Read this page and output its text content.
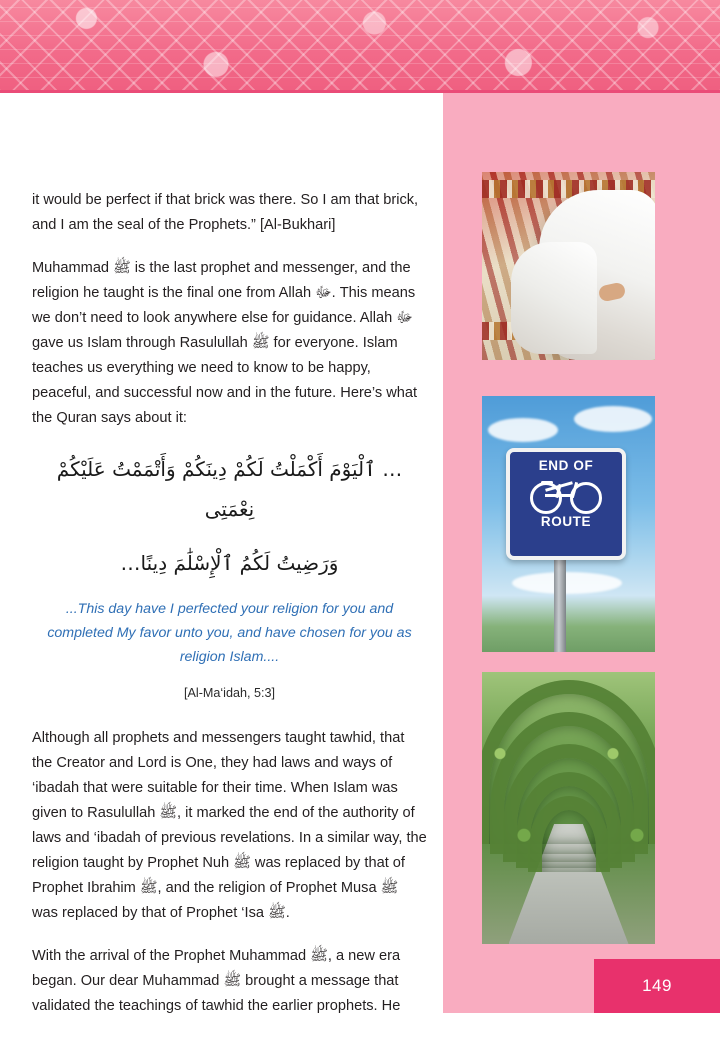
it would be perfect if that brick was there. So I am that brick, and I am the seal of the Prophets.” [Al-Bukhari]

Muhammad ﷺ is the last prophet and messenger, and the religion he taught is the final one from Allah ﷻ. This means we don’t need to look anywhere else for guidance. Allah ﷻ gave us Islam through Rasulullah ﷺ for everyone. Islam teaches us everything we need to know to be happy, peaceful, and successful now and in the future. Here’s what the Quran says about it:

… ٱلْيَوْمَ أَكْمَلْتُ لَكُمْ دِينَكُمْ وَأَتْمَمْتُ عَلَيْكُمْ نِعْمَتِى
وَرَضِيتُ لَكُمُ ٱلْإِسْلَٰمَ دِينًا…
...This day have I perfected your religion for you and completed My favor unto you, and have chosen for you as religion Islam....
[Al-Ma‘idah, 5:3]

Although all prophets and messengers taught tawhid, that the Creator and Lord is One, they had laws and ways of ‘ibadah that were suitable for their time. When Islam was given to Rasulullah ﷺ, it marked the end of the authority of laws and ‘ibadah of previous revelations. In a similar way, the religion taught by Prophet Nuh ﷺ was replaced by that of Prophet Ibrahim ﷺ, and the religion of Prophet Musa ﷺ was replaced by that of Prophet ‘Isa ﷺ.

With the arrival of the Prophet Muhammad ﷺ, a new era began. Our dear Muhammad ﷺ brought a message that validated the teachings of tawhid the earlier prophets. He

END OF
ROUTE
149
